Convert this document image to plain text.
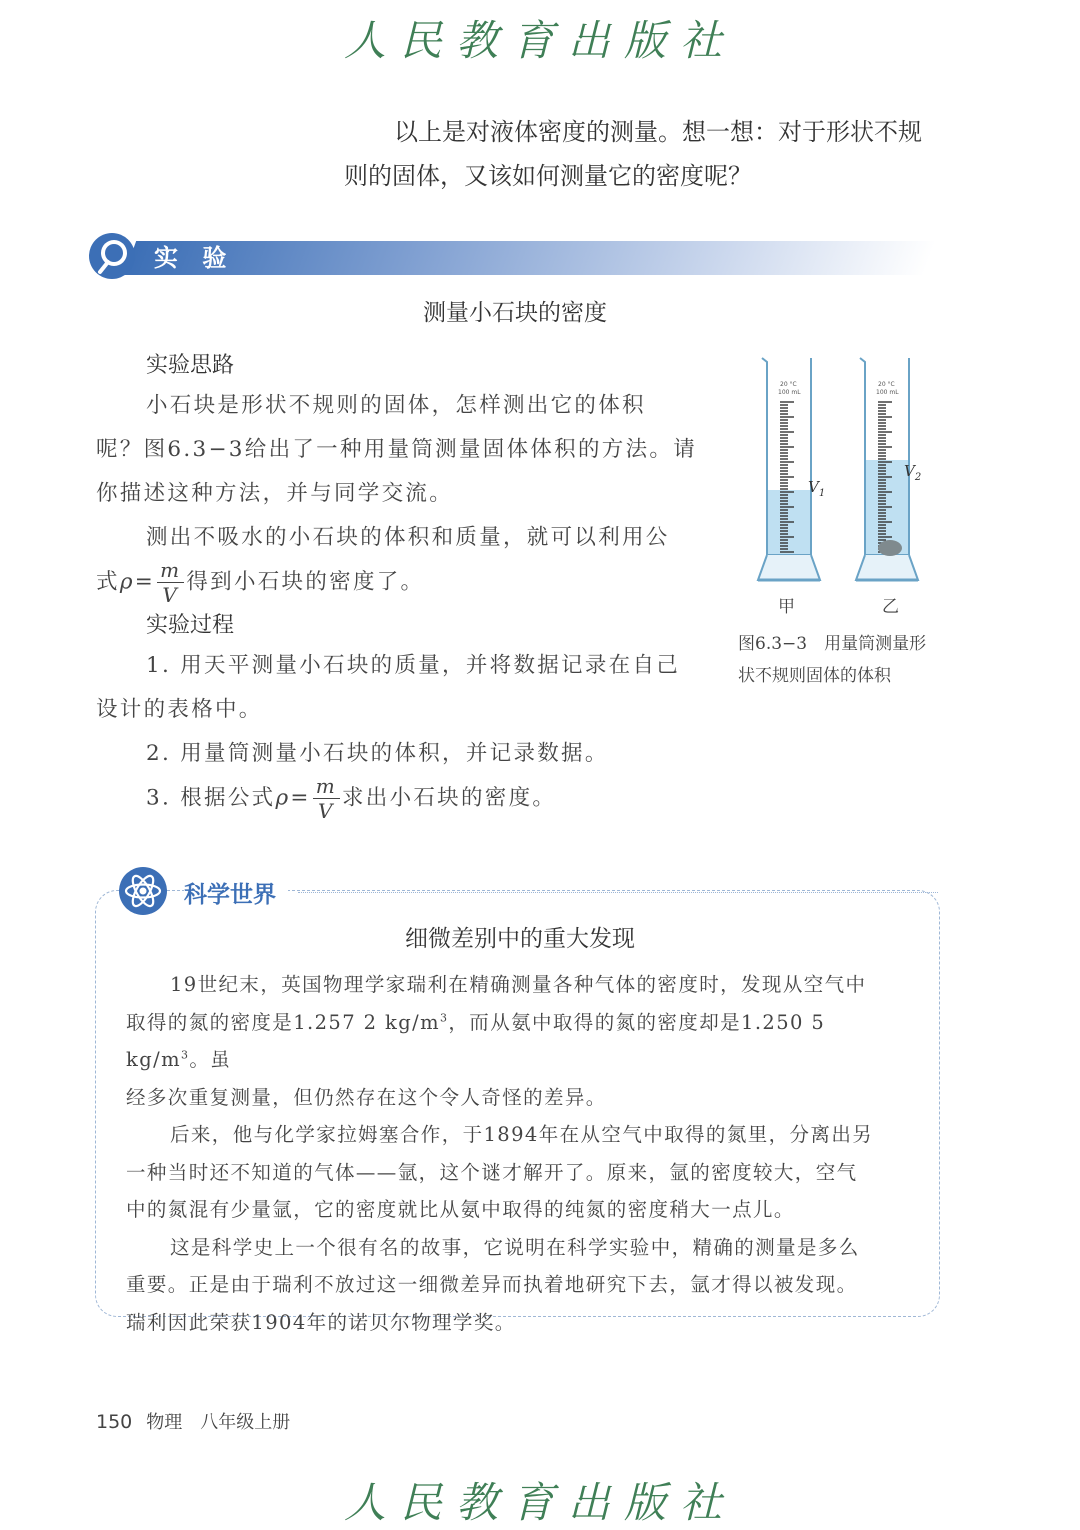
人民教育出版社

以上是对液体密度的测量。想一想：对于形状不规

则的固体，又该如何测量它的密度呢？

实 验
测量小石块的密度
实验思路

小石块是形状不规则的固体，怎样测出它的体积

呢？图6.3−3给出了一种用量筒测量固体体积的方法。请

你描述这种方法，并与同学交流。

测出不吸水的小石块的体积和质量，就可以利用公

式$\rho= \frac{m}{V}$ 得到小石块的密度了。

实验过程

1. 用天平测量小石块的质量，并将数据记录在自己

设计的表格中。

2. 用量筒测量小石块的体积，并记录数据。

3. 根据公式$\rho= \frac{m}{V}$ 求出小石块的密度。

20 °C
100 mL
20 °C
100 mL
$V_1$
$V_2$
甲	乙
图6.3−3　用量筒测量形
状不规则固体的体积
科学世界
细微差别中的重大发现

19世纪末，英国物理学家瑞利在精确测量各种气体的密度时，发现从空气中

取得的氮的密度是1.257 2 $kg/m^3$，而从氨中取得的氮的密度却是1.250 5 $kg/m^3$。虽

经多次重复测量，但仍然存在这个令人奇怪的差异。

后来，他与化学家拉姆塞合作，于1894年在从空气中取得的氮里，分离出另

一种当时还不知道的气体——氩，这个谜才解开了。原来，氩的密度较大，空气

中的氮混有少量氩，它的密度就比从氨中取得的纯氮的密度稍大一点儿。

这是科学史上一个很有名的故事，它说明在科学实验中，精确的测量是多么

重要。正是由于瑞利不放过这一细微差异而执着地研究下去，氩才得以被发现。

瑞利因此荣获1904年的诺贝尔物理学奖。

150 物理　八年级上册
人民教育出版社
